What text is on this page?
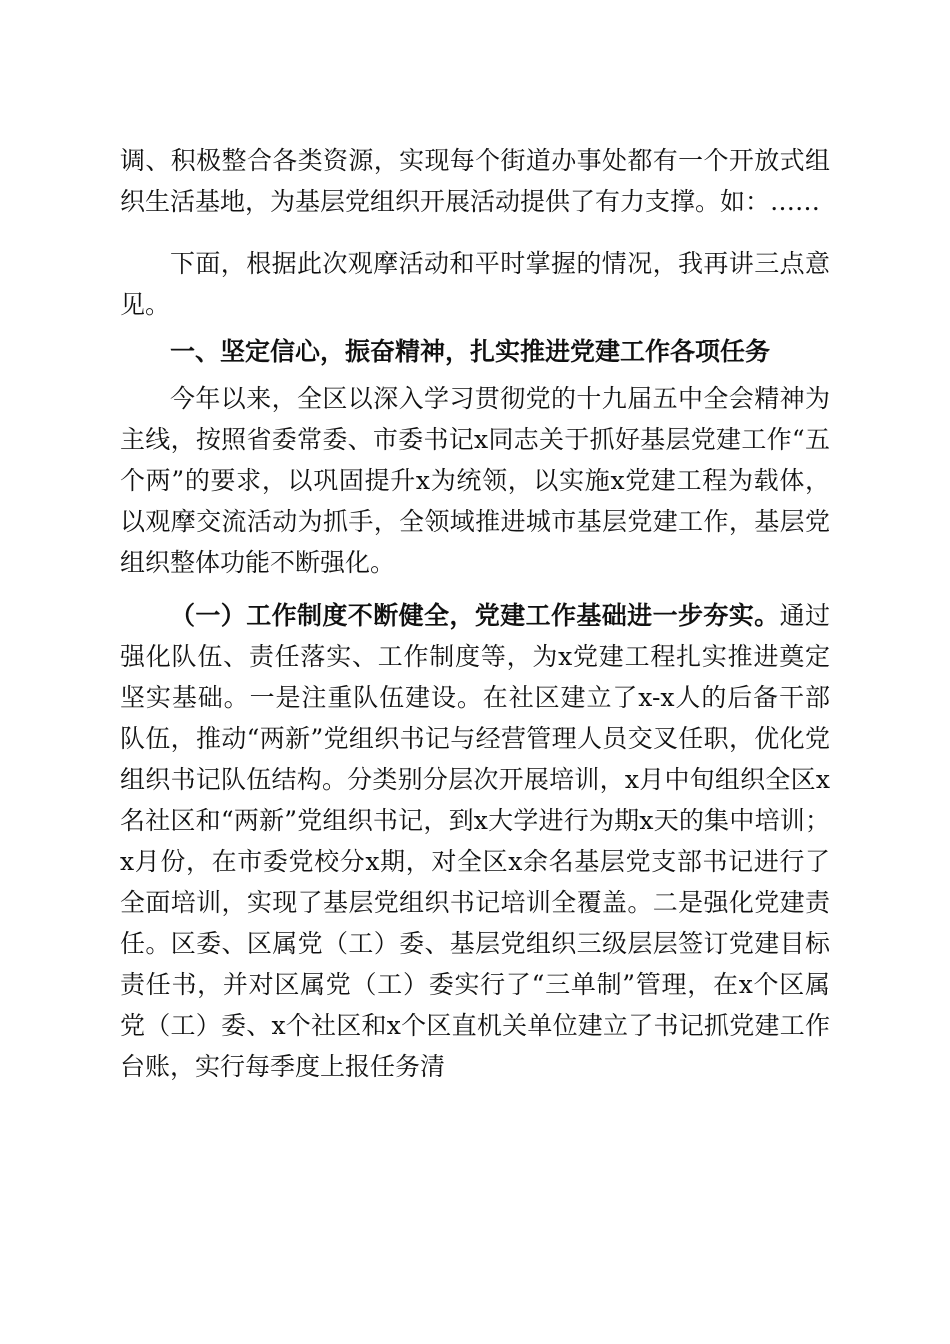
调、积极整合各类资源，实现每个街道办事处都有一个开放式组织生活基地，为基层党组织开展活动提供了有力支撑。如：……

下面，根据此次观摩活动和平时掌握的情况，我再讲三点意见。

一、坚定信心，振奋精神，扎实推进党建工作各项任务

今年以来，全区以深入学习贯彻党的十九届五中全会精神为主线，按照省委常委、市委书记x同志关于抓好基层党建工作“五个两”的要求，以巩固提升x为统领，以实施x党建工程为载体，以观摩交流活动为抓手，全领域推进城市基层党建工作，基层党组织整体功能不断强化。

（一）工作制度不断健全，党建工作基础进一步夯实。通过强化队伍、责任落实、工作制度等，为x党建工程扎实推进奠定坚实基础。一是注重队伍建设。在社区建立了x-x人的后备干部队伍，推动“两新”党组织书记与经营管理人员交叉任职，优化党组织书记队伍结构。分类别分层次开展培训，x月中旬组织全区x名社区和“两新”党组织书记，到x大学进行为期x天的集中培训；x月份，在市委党校分x期，对全区x余名基层党支部书记进行了全面培训，实现了基层党组织书记培训全覆盖。二是强化党建责任。区委、区属党（工）委、基层党组织三级层层签订党建目标责任书，并对区属党（工）委实行了“三单制”管理，在x个区属党（工）委、x个社区和x个区直机关单位建立了书记抓党建工作台账，实行每季度上报任务清
